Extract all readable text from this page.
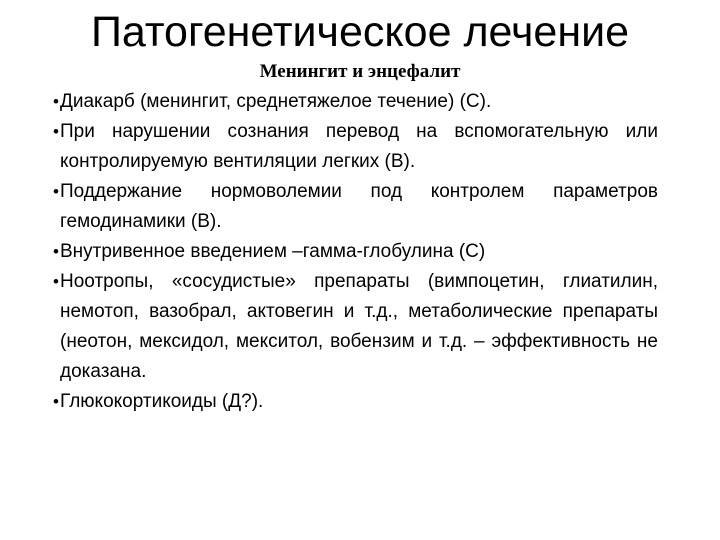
Патогенетическое лечение
Менингит и энцефалит
• Диакарб (менингит, среднетяжелое течение) (С).
• При нарушении сознания перевод на вспомогательную или контролируемую вентиляции легких (В).
• Поддержание нормоволемии под контролем параметров гемодинамики (В).
• Внутривенное введением –гамма-глобулина (С)
• Ноотропы, «сосудистые» препараты (вимпоцетин, глиатилин, немотоп, вазобрал, актовегин и т.д., метаболические препараты (неотон, мексидол, мекситол, вобензим и т.д. – эффективность не доказана.
• Глюкокортикоиды (Д?).
